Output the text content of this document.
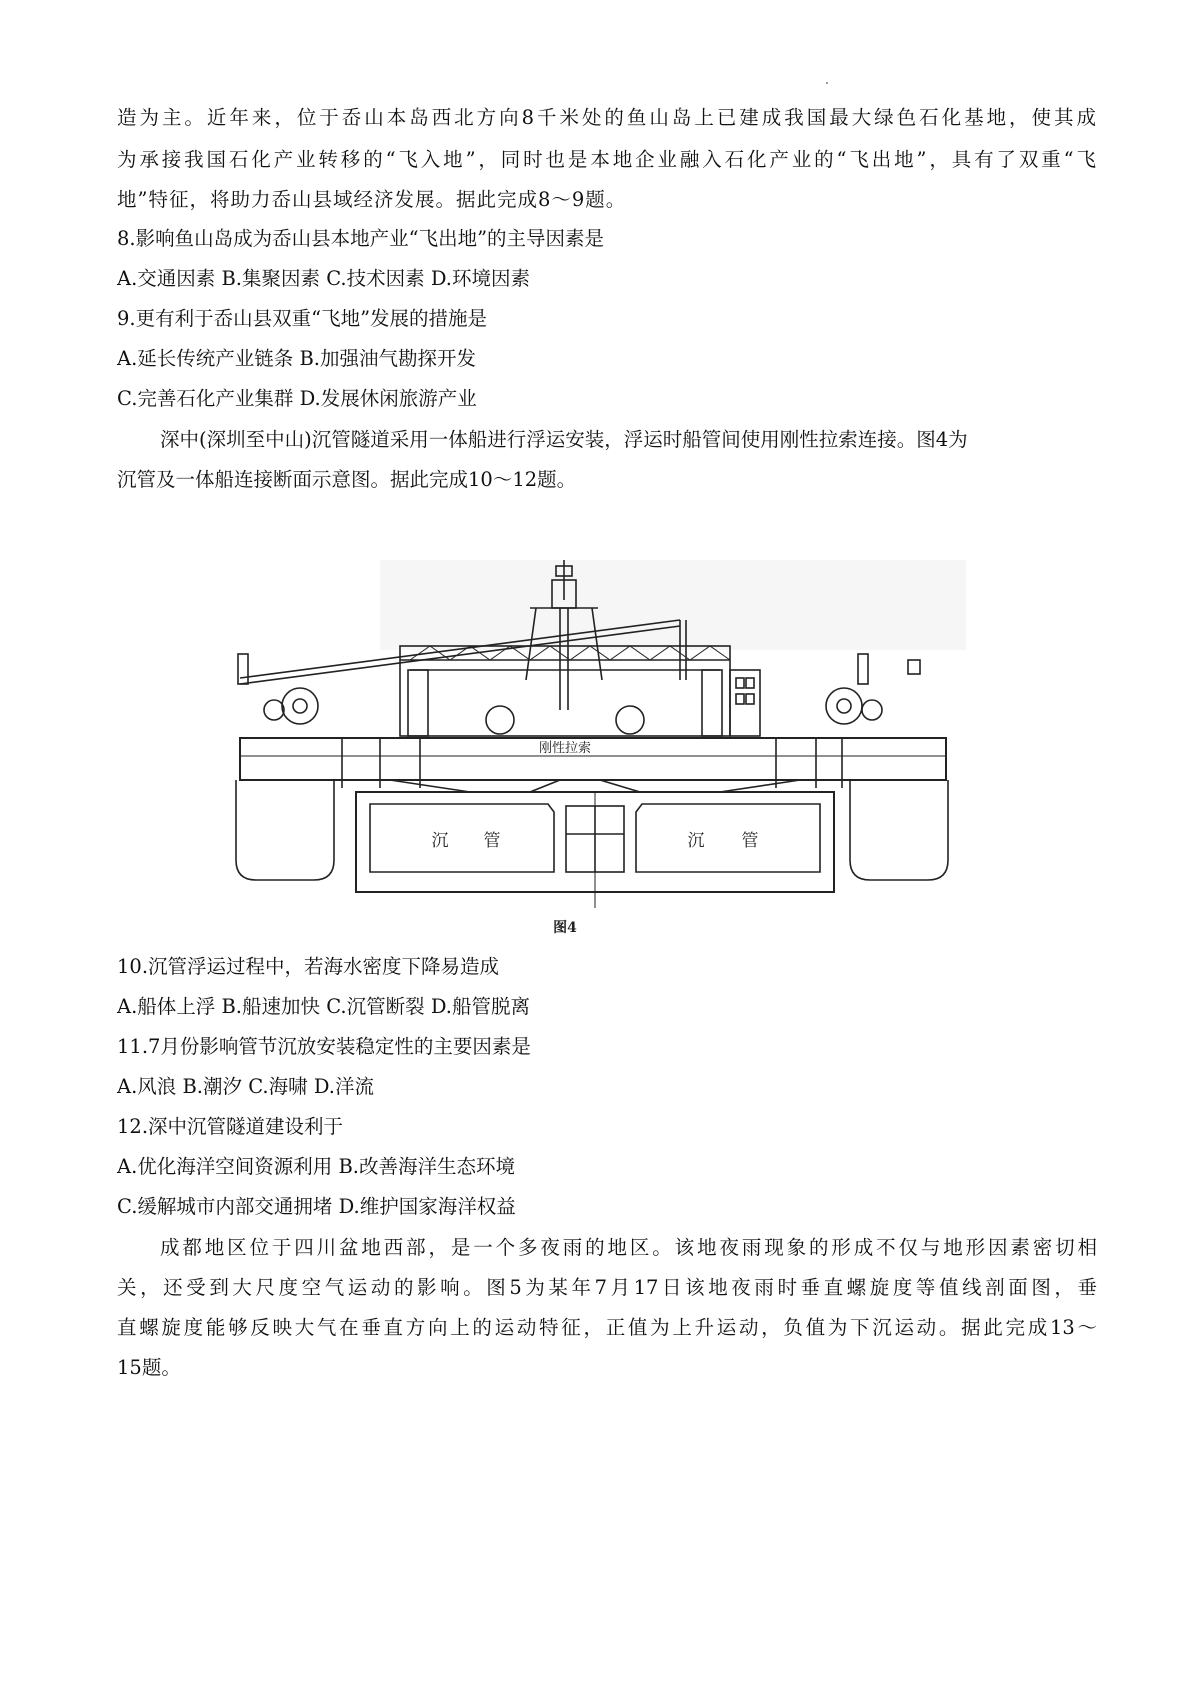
造为主。近年来，位于岙山本岛西北方向8千米处的鱼山岛上已建成我国最大绿色石化基地，使其成
为承接我国石化产业转移的“飞入地”，同时也是本地企业融入石化产业的“飞出地”，具有了双重“飞
地”特征，将助力岙山县域经济发展。据此完成8～9题。
8.影响鱼山岛成为岙山县本地产业“飞出地”的主导因素是
A.交通因素 B.集聚因素 C.技术因素 D.环境因素
9.更有利于岙山县双重“飞地”发展的措施是
A.延长传统产业链条 B.加强油气勘探开发
C.完善石化产业集群 D.发展休闲旅游产业
深中(深圳至中山)沉管隧道采用一体船进行浮运安装，浮运时船管间使用刚性拉索连接。图4为
沉管及一体船连接断面示意图。据此完成10～12题。
刚性拉索
沉 管	沉 管
图4
10.沉管浮运过程中，若海水密度下降易造成
A.船体上浮 B.船速加快 C.沉管断裂 D.船管脱离
11.7月份影响管节沉放安装稳定性的主要因素是
A.风浪 B.潮汐 C.海啸 D.洋流
12.深中沉管隧道建设利于
A.优化海洋空间资源利用 B.改善海洋生态环境
C.缓解城市内部交通拥堵 D.维护国家海洋权益
成都地区位于四川盆地西部，是一个多夜雨的地区。该地夜雨现象的形成不仅与地形因素密切相
关，还受到大尺度空气运动的影响。图5为某年7月17日该地夜雨时垂直螺旋度等值线剖面图，垂
直螺旋度能够反映大气在垂直方向上的运动特征，正值为上升运动，负值为下沉运动。据此完成13～
15题。
